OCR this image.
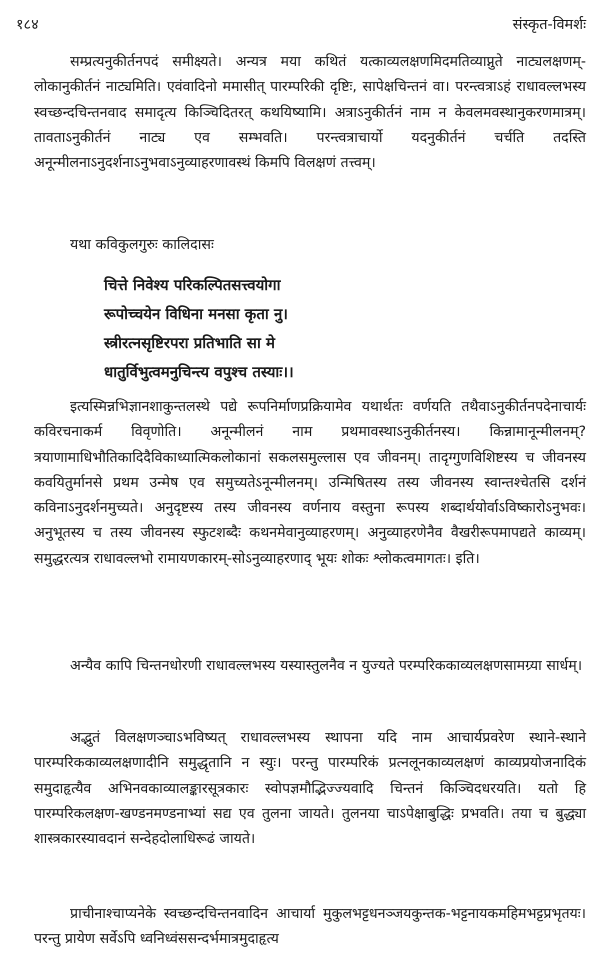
१८४	संस्कृत-विमर्शः

सम्प्रत्यनुकीर्तनपदं समीक्ष्यते। अन्यत्र मया कथितं यत्काव्यलक्षणमिदमतिव्याप्नुते नाट्यलक्षणम्-लोकानुकीर्तनं नाट्यमिति। एवंवादिनो ममासीत् पारम्परिकी दृष्टिः, सापेक्षचिन्तनं वा। परन्त्वत्राऽहं राधावल्लभस्य स्वच्छन्दचिन्तनवाद समादृत्य किञ्चिदितरत् कथयिष्यामि। अत्राऽनुकीर्तनं नाम न केवलमवस्थानुकरणमात्रम्। तावताऽनुकीर्तनं नाट्य एव सम्भवति। परन्त्वत्राचार्यो यदनुकीर्तनं चर्चति तदस्ति अनून्मीलनाऽनुदर्शनाऽनुभवाऽनुव्याहरणावस्थं किमपि विलक्षणं तत्त्वम्।

यथा कविकुलगुरुः कालिदासः
चित्ते निवेश्य परिकल्पितसत्त्वयोगा
रूपोच्चयेन विधिना मनसा कृता नु।
स्त्रीरत्नसृष्टिरपरा प्रतिभाति सा मे
धातुर्विभुत्वमनुचिन्त्य वपुश्च तस्याः।।

इत्यस्मिन्नभिज्ञानशाकुन्तलस्थे पद्ये रूपनिर्माणप्रक्रियामेव यथार्थतः वर्णयति तथैवाऽनुकीर्तनपदेनाचार्यः कविरचनाकर्म विवृणोति। अनून्मीलनं नाम प्रथमावस्थाऽनुकीर्तनस्य। किन्नामानून्मीलनम्? त्रयाणामाधिभौतिकादिदैविकाध्यात्मिकलोकानां सकलसमुल्लास एव जीवनम्। तादृग्गुणविशिष्टस्य च जीवनस्य कवयितुर्मानसे प्रथम उन्मेष एव समुच्यतेऽनून्मीलनम्। उन्मिषितस्य तस्य जीवनस्य स्वान्तश्चेतसि दर्शनं कविनाऽनुदर्शनमुच्यते। अनुदृष्टस्य तस्य जीवनस्य वर्णनाय वस्तुना रूपस्य शब्दार्थयोर्वाऽविष्कारोऽनुभवः। अनुभूतस्य च तस्य जीवनस्य स्फुटशब्दैः कथनमेवानुव्याहरणम्। अनुव्याहरणेनैव वैखरीरूपमापद्यते काव्यम्। समुद्धरत्यत्र राधावल्लभो रामायणकारम्-सोऽनुव्याहरणाद् भूयः शोकः श्लोकत्वमागतः। इति।

अन्यैव कापि चिन्तनधोरणी राधावल्लभस्य यस्यास्तुलनैव न युज्यते परम्परिककाव्यलक्षणसामग्र्या सार्धम्।

अद्भुतं विलक्षणञ्चाऽभविष्यत् राधावल्लभस्य स्थापना यदि नाम आचार्यप्रवरेण स्थाने-स्थाने पारम्परिककाव्यलक्षणादीनि समुद्धृतानि न स्युः। परन्तु पारम्परिकं प्रत्नलूनकाव्यलक्षणं काव्यप्रयोजनादिकं समुदाहृत्यैव अभिनवकाव्यालङ्कारसूत्रकारः स्वोपज्ञमौद्भिज्ज्यवादि चिन्तनं किञ्चिदधरयति। यतो हि पारम्परिकलक्षण-खण्डनमण्डनाभ्यां सद्य एव तुलना जायते। तुलनया चाऽपेक्षाबुद्धिः प्रभवति। तया च बुद्ध्या शास्त्रकारस्यावदानं सन्देहदोलाधिरूढं जायते।

प्राचीनाश्चाप्यनेके स्वच्छन्दचिन्तनवादिन आचार्या मुकुलभट्टधनञ्जयकुन्तक-भट्टनायकमहिमभट्टप्रभृतयः। परन्तु प्रायेण सर्वेऽपि ध्वनिध्वंससन्दर्भमात्रमुदाहृत्य
